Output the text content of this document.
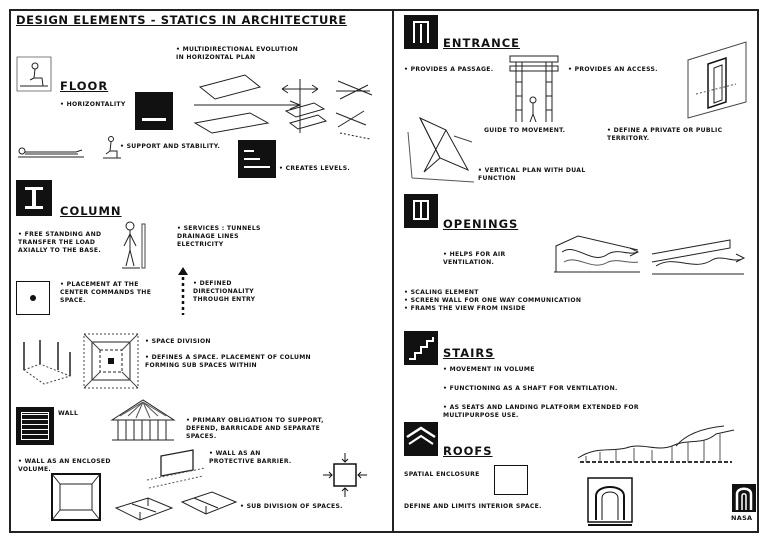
DESIGN ELEMENTS - STATICS IN ARCHITECTURE
FLOOR
• MULTIDIRECTIONAL EVOLUTION
IN HORIZONTAL PLAN
• HORIZONTALITY
• SUPPORT AND STABILITY.
• CREATES LEVELS.
COLUMN
• FREE STANDING AND
TRANSFER THE LOAD
AXIALLY TO THE BASE.
• SERVICES : TUNNELS
DRAINAGE LINES
ELECTRICITY
• PLACEMENT AT THE
CENTER COMMANDS THE
SPACE.
• DEFINED
DIRECTIONALITY
THROUGH ENTRY
• SPACE DIVISION
• DEFINES A SPACE. PLACEMENT OF COLUMN
FORMING SUB SPACES WITHIN
WALL
• PRIMARY OBLIGATION TO SUPPORT,
DEFEND, BARRICADE AND SEPARATE
SPACES.
• WALL AS AN ENCLOSED
VOLUME.
• WALL AS AN
PROTECTIVE BARRIER.
• SUB DIVISION OF SPACES.
ENTRANCE
• PROVIDES A PASSAGE.	• PROVIDES AN ACCESS.
GUIDE TO MOVEMENT.	• DEFINE A PRIVATE OR PUBLIC
TERRITORY.
• VERTICAL PLAN WITH DUAL
FUNCTION
OPENINGS
• HELPS FOR AIR
VENTILATION.
• SCALING ELEMENT
• SCREEN WALL FOR ONE WAY COMMUNICATION
• FRAMS THE VIEW FROM INSIDE
STAIRS
• MOVEMENT IN VOLUME
• FUNCTIONING AS A SHAFT FOR VENTILATION.
• AS SEATS AND LANDING PLATFORM EXTENDED FOR
MULTIPURPOSE USE.
ROOFS
SPATIAL ENCLOSURE
DEFINE AND LIMITS INTERIOR SPACE.
NASA
